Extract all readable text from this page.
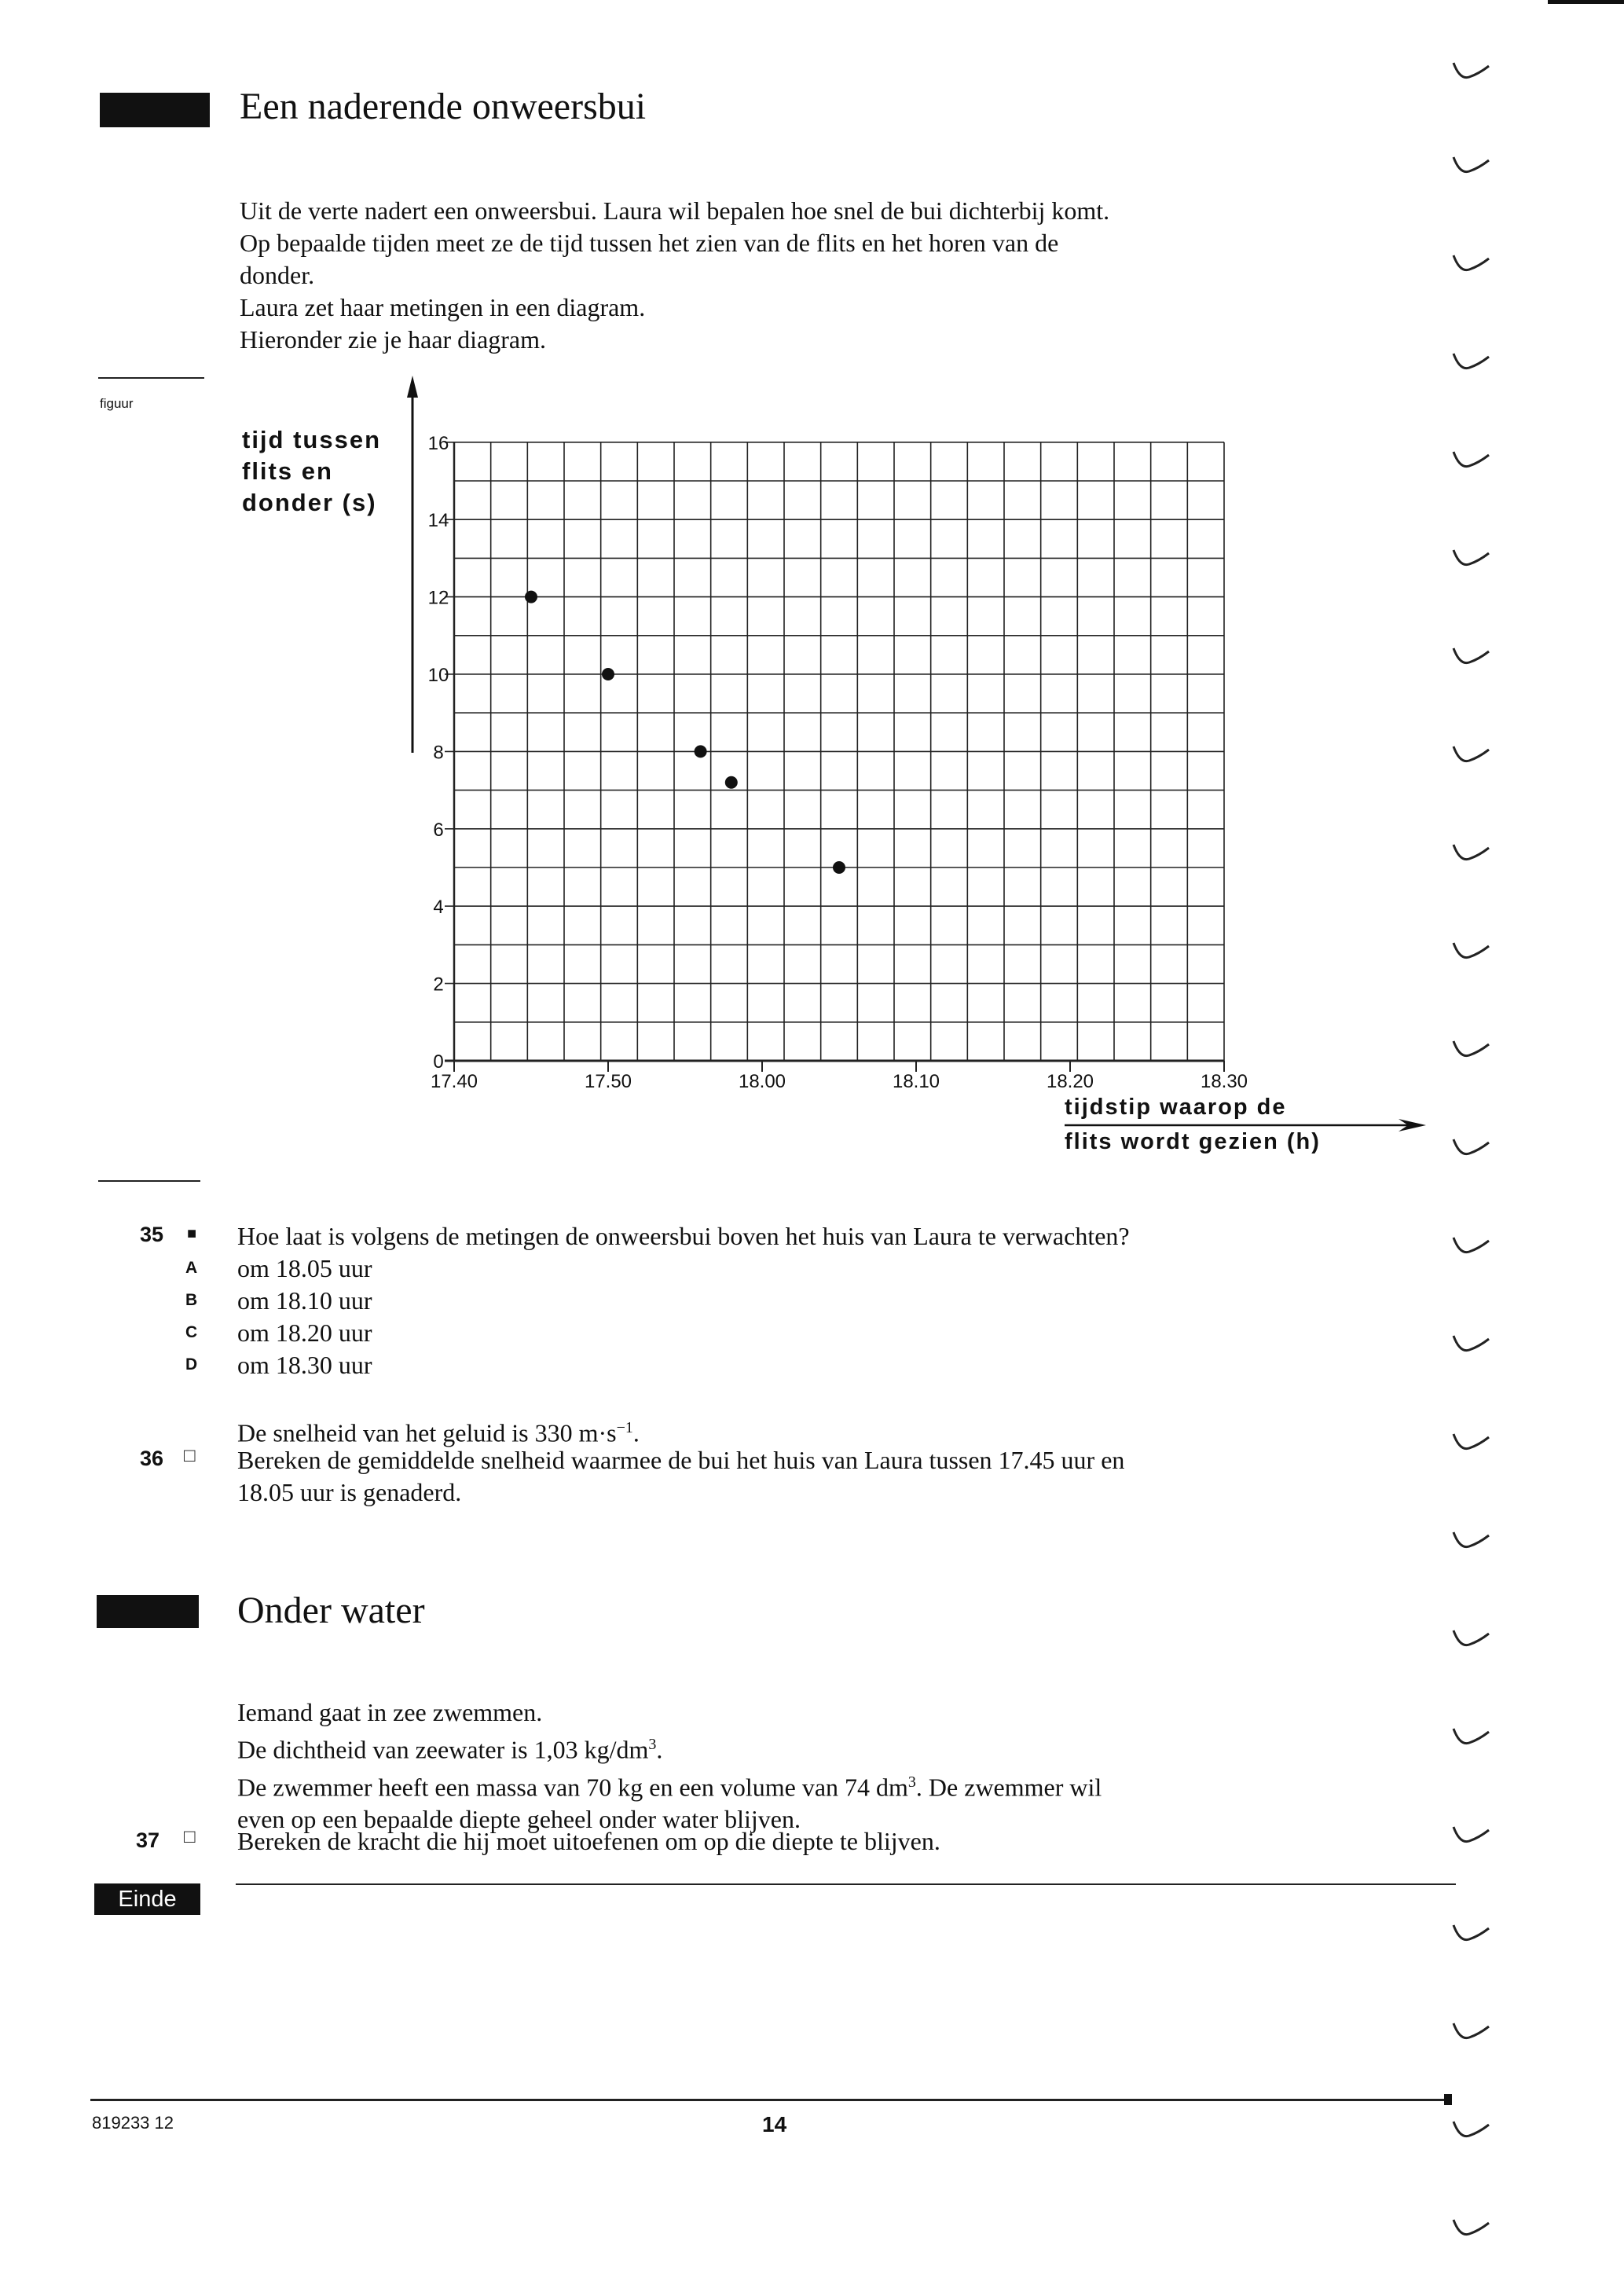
Een naderende onweersbui
Uit de verte nadert een onweersbui. Laura wil bepalen hoe snel de bui dichterbij komt.
Op bepaalde tijden meet ze de tijd tussen het zien van de flits en het horen van de
donder.
Laura zet haar metingen in een diagram.
Hieronder zie je haar diagram.
figuur
tijd tussen
flits en
donder (s)
0
2
4
6
8
10
12
14
16
17.40	17.50	18.00	18.10	18.20	18.30
tijdstip waarop de
flits wordt gezien (h)
35 ■ Hoe laat is volgens de metingen de onweersbui boven het huis van Laura te verwachten?
A
B
C
D
om 18.05 uur
om 18.10 uur
om 18.20 uur
om 18.30 uur
De snelheid van het geluid is 330 $m\cdot s^{-1}$.
36 □ Bereken de gemiddelde snelheid waarmee de bui het huis van Laura tussen 17.45 uur en
18.05 uur is genaderd.
Onder water
Iemand gaat in zee zwemmen.
De dichtheid van zeewater is 1,03 $kg/dm^3$.
De zwemmer heeft een massa van 70 kg en een volume van 74 $dm^3$. De zwemmer wil
even op een bepaalde diepte geheel onder water blijven.
37 □ Bereken de kracht die hij moet uitoefenen om op die diepte te blijven.
Einde
819233 12	14
